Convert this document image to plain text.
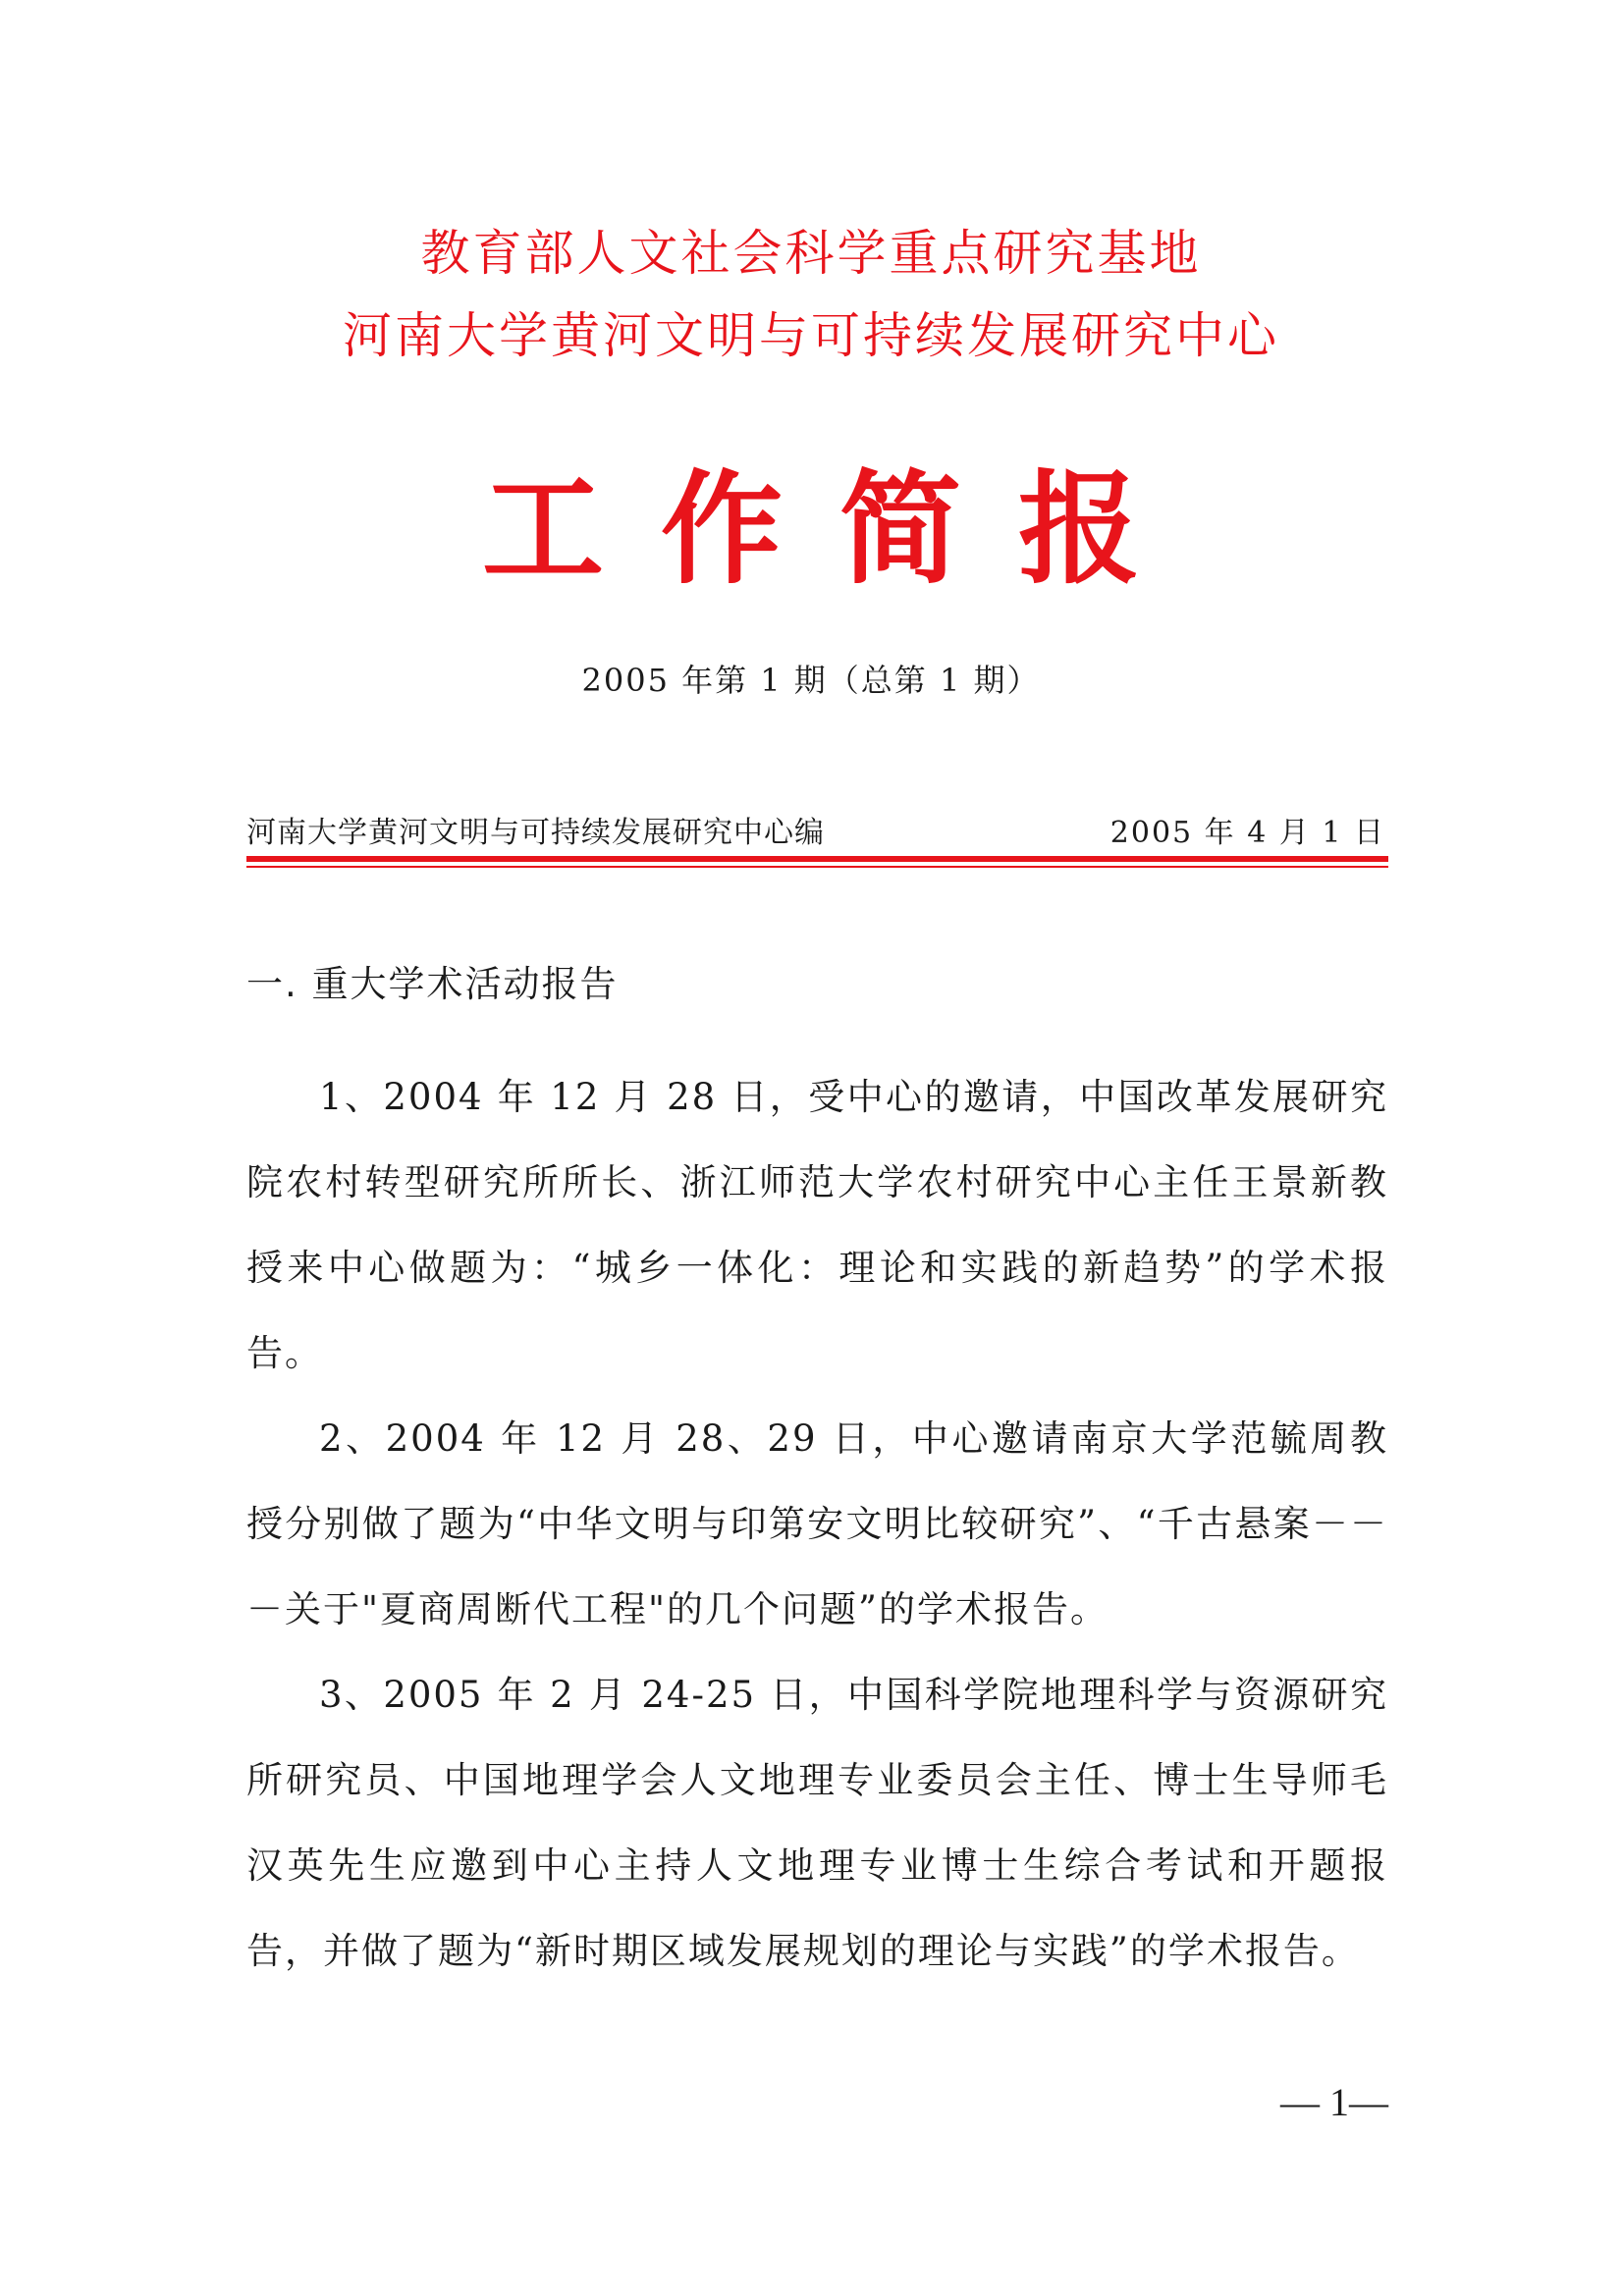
教育部人文社会科学重点研究基地
河南大学黄河文明与可持续发展研究中心
工作简报
2005 年第 1 期（总第 1 期）
河南大学黄河文明与可持续发展研究中心编	2005 年 4 月 1 日
一. 重大学术活动报告

1、2004 年 12 月 28 日，受中心的邀请，中国改革发展研究院农村转型研究所所长、浙江师范大学农村研究中心主任王景新教授来中心做题为：“城乡一体化：理论和实践的新趋势”的学术报告。

2、2004 年 12 月 28、29 日，中心邀请南京大学范毓周教授分别做了题为“中华文明与印第安文明比较研究”、“千古悬案－－－关于"夏商周断代工程"的几个问题”的学术报告。

3、2005 年 2 月 24-25 日，中国科学院地理科学与资源研究所研究员、中国地理学会人文地理专业委员会主任、博士生导师毛汉英先生应邀到中心主持人文地理专业博士生综合考试和开题报告，并做了题为“新时期区域发展规划的理论与实践”的学术报告。

— 1—
